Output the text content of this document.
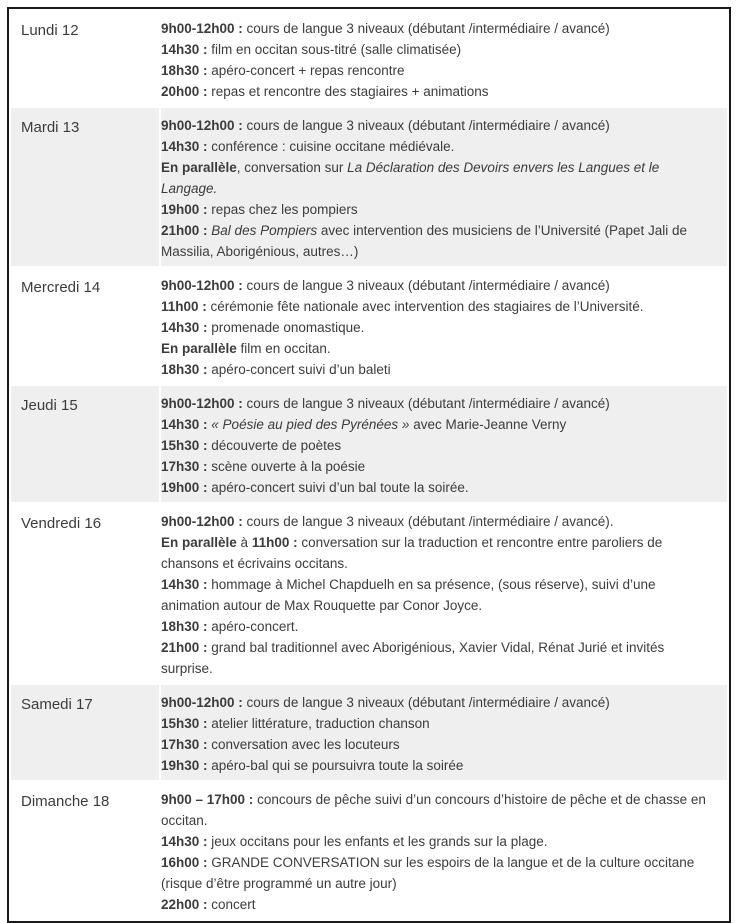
Lundi 12	9h00-12h00 : cours de langue 3 niveaux (débutant /intermédiaire / avancé)
14h30 : film en occitan sous-titré (salle climatisée)
18h30 : apéro-concert + repas rencontre
20h00 : repas et rencontre des stagiaires + animations

Mardi 13	9h00-12h00 : cours de langue 3 niveaux (débutant /intermédiaire / avancé)
14h30 : conférence : cuisine occitane médiévale.
En parallèle, conversation sur La Déclaration des Devoirs envers les Langues et le Langage.
19h00 : repas chez les pompiers
21h00 : Bal des Pompiers avec intervention des musiciens de l’Université (Papet Jali de Massilia, Aborigénious, autres…)

Mercredi 14	9h00-12h00 : cours de langue 3 niveaux (débutant /intermédiaire / avancé)
11h00 : cérémonie fête nationale avec intervention des stagiaires de l’Université.
14h30 : promenade onomastique.
En parallèle film en occitan.
18h30 : apéro-concert suivi d’un baleti

Jeudi 15	9h00-12h00 : cours de langue 3 niveaux (débutant /intermédiaire / avancé)
14h30 : « Poésie au pied des Pyrénées » avec Marie-Jeanne Verny
15h30 : découverte de poètes
17h30 : scène ouverte à la poésie
19h00 : apéro-concert suivi d’un bal toute la soirée.

Vendredi 16	9h00-12h00 : cours de langue 3 niveaux (débutant /intermédiaire / avancé).
En parallèle à 11h00 : conversation sur la traduction et rencontre entre paroliers de chansons et écrivains occitans.
14h30 : hommage à Michel Chapduelh en sa présence, (sous réserve), suivi d’une animation autour de Max Rouquette par Conor Joyce.
18h30 : apéro-concert.
21h00 : grand bal traditionnel avec Aborigénious, Xavier Vidal, Rénat Jurié et invités surprise.

Samedi 17	9h00-12h00 : cours de langue 3 niveaux (débutant /intermédiaire / avancé)
15h30 : atelier littérature, traduction chanson
17h30 : conversation avec les locuteurs
19h30 : apéro-bal qui se poursuivra toute la soirée

Dimanche 18	9h00 – 17h00 : concours de pêche suivi d’un concours d’histoire de pêche et de chasse en occitan.
14h30 : jeux occitans pour les enfants et les grands sur la plage.
16h00 : GRANDE CONVERSATION sur les espoirs de la langue et de la culture occitane (risque d’être programmé un autre jour)
22h00 : concert
